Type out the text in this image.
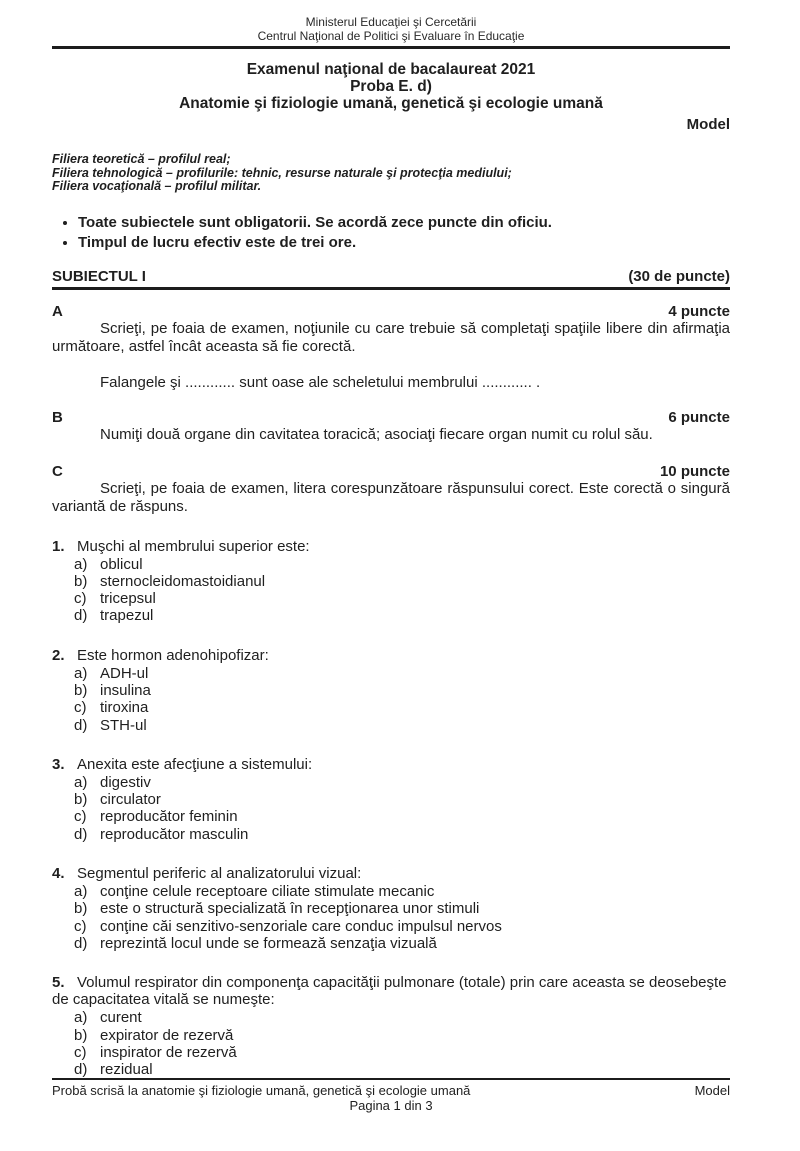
Ministerul Educaţiei şi Cercetării
Centrul Naţional de Politici şi Evaluare în Educaţie
Examenul naţional de bacalaureat 2021
Proba E. d)
Anatomie şi fiziologie umană, genetică şi ecologie umană
Model
Filiera teoretică – profilul real;
Filiera tehnologică – profilurile: tehnic, resurse naturale şi protecţia mediului;
Filiera vocaţională – profilul militar.
• Toate subiectele sunt obligatorii. Se acordă zece puncte din oficiu.
• Timpul de lucru efectiv este de trei ore.
SUBIECTUL I	(30 de puncte)
A	4 puncte

Scrieţi, pe foaia de examen, noţiunile cu care trebuie să completaţi spaţiile libere din afirmaţia următoare, astfel încât aceasta să fie corectă.

Falangele şi ............ sunt oase ale scheletului membrului ............ .

B	6 puncte

Numiţi două organe din cavitatea toracică; asociaţi fiecare organ numit cu rolul său.

C	10 puncte

Scrieţi, pe foaia de examen, litera corespunzătoare răspunsului corect. Este corectă o singură variantă de răspuns.

1. Muşchi al membrului superior este:
a) oblicul
b) sternocleidomastoidianul
c) tricepsul
d) trapezul
2. Este hormon adenohipofizar:
a) ADH-ul
b) insulina
c) tiroxina
d) STH-ul
3. Anexita este afecţiune a sistemului:
a) digestiv
b) circulator
c) reproducător feminin
d) reproducător masculin
4. Segmentul periferic al analizatorului vizual:
a) conţine celule receptoare ciliate stimulate mecanic
b) este o structură specializată în recepţionarea unor stimuli
c) conţine căi senzitivo-senzoriale care conduc impulsul nervos
d) reprezintă locul unde se formează senzaţia vizuală
5. Volumul respirator din componenţa capacităţii pulmonare (totale) prin care aceasta se deosebeşte de capacitatea vitală se numeşte:
a) curent
b) expirator de rezervă
c) inspirator de rezervă
d) rezidual
Probă scrisă la anatomie şi fiziologie umană, genetică şi ecologie umană	Model
Pagina 1 din 3
